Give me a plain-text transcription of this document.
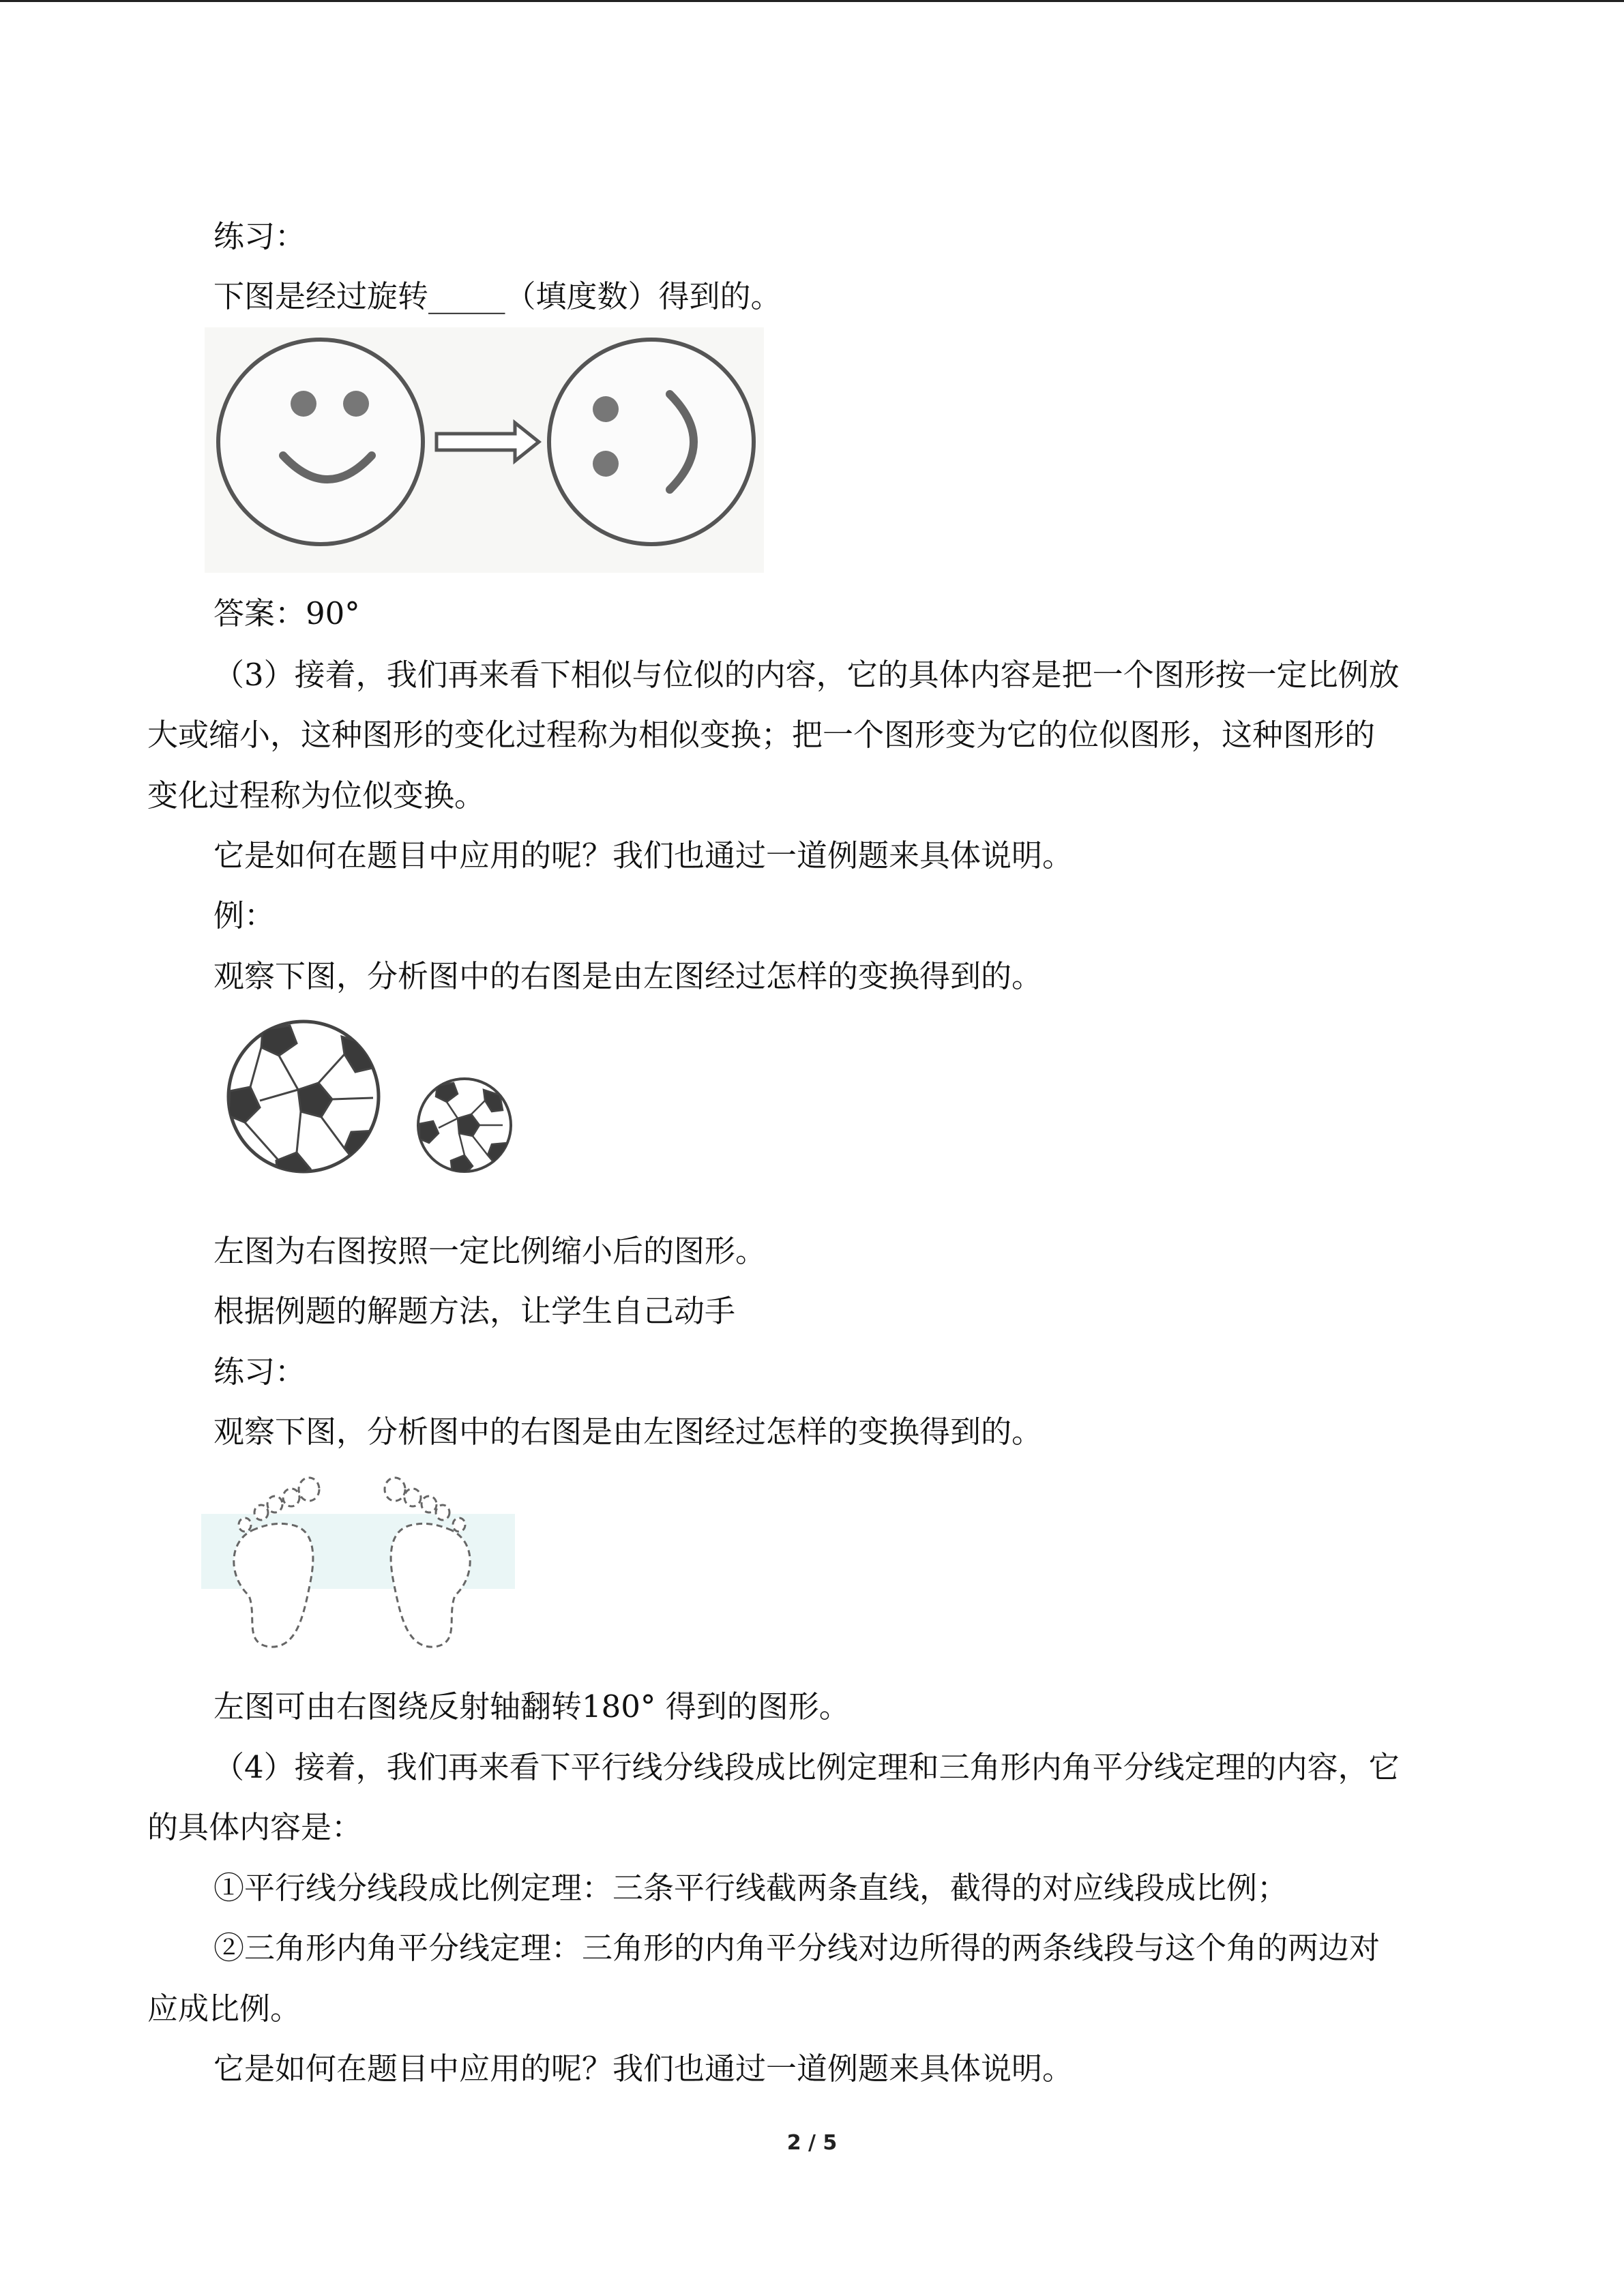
练习：
下图是经过旋转_____（填度数）得到的。
答案：90°
（3）接着，我们再来看下相似与位似的内容，它的具体内容是把一个图形按一定比例放
大或缩小，这种图形的变化过程称为相似变换；把一个图形变为它的位似图形，这种图形的
变化过程称为位似变换。
它是如何在题目中应用的呢？我们也通过一道例题来具体说明。
例：
观察下图，分析图中的右图是由左图经过怎样的变换得到的。
左图为右图按照一定比例缩小后的图形。
根据例题的解题方法，让学生自己动手
练习：
观察下图，分析图中的右图是由左图经过怎样的变换得到的。
左图可由右图绕反射轴翻转180° 得到的图形。
（4）接着，我们再来看下平行线分线段成比例定理和三角形内角平分线定理的内容，它
的具体内容是：
①平行线分线段成比例定理：三条平行线截两条直线，截得的对应线段成比例；
②三角形内角平分线定理：三角形的内角平分线对边所得的两条线段与这个角的两边对
应成比例。
它是如何在题目中应用的呢？我们也通过一道例题来具体说明。
2 / 5
